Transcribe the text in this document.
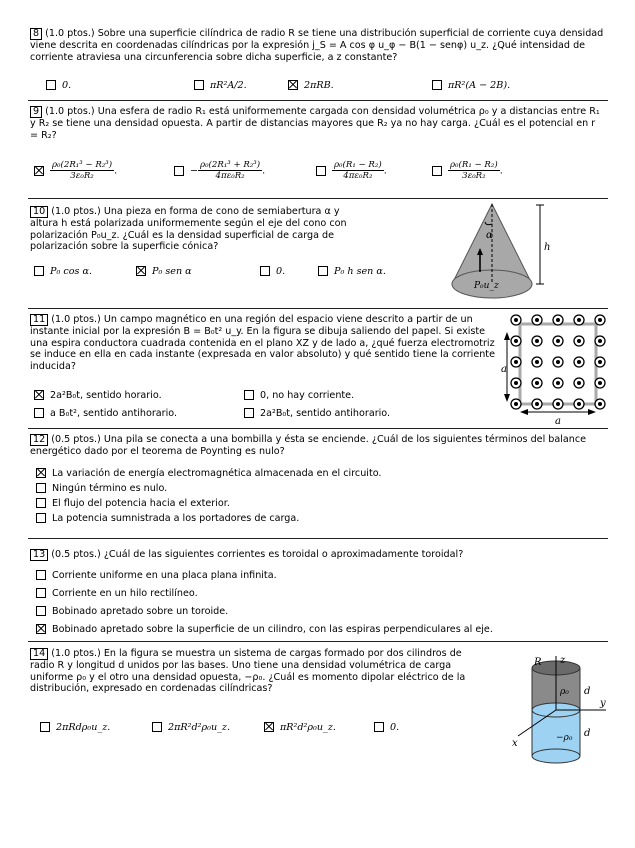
8 (1.0 ptos.) Sobre una superficie cilíndrica de radio R se tiene una distribución superficial de corriente cuya densidad viene descrita en coordenadas cilíndricas por la expresión j_S = A cos φ u_φ − B(1 − senφ) u_z. ¿Qué intensidad de corriente atraviesa una circunferencia sobre dicha superficie, a z constante?
0.	πR²A/2.	2πRB.	πR²(A − 2B).
9 (1.0 ptos.) Una esfera de radio R₁ está uniformemente cargada con densidad volumétrica ρ₀ y a distancias entre R₁ y R₂ se tiene una densidad opuesta. A partir de distancias mayores que R₂ ya no hay carga. ¿Cuál es el potencial en r = R₂?
$\frac{\text{ρ₀(2R₁³ − R₂³)}}{\text{3ε₀R₂}}$ .	− $\frac{\text{ρ₀(2R₁³ + R₂³)}}{\text{4πε₀R₂}}$ .	$\frac{\text{ρ₀(R₁ − R₂)}}{\text{4πε₀R₂}}$ .	$\frac{\text{ρ₀(R₁ − R₂)}}{\text{3ε₀R₂}}$ .
10 (1.0 ptos.) Una pieza en forma de cono de semiabertura α y altura h está polarizada uniformemente según el eje del cono con polarización P₀u_z. ¿Cuál es la densidad superficial de carga de polarización sobre la superficie cónica?
P₀ cos α.	P₀ sen α	0.	P₀ h sen α.
h
α
P₀u_z
11 (1.0 ptos.) Un campo magnético en una región del espacio viene descrito a partir de un instante inicial por la expresión B = B₀t² u_y. En la figura se dibuja saliendo del papel. Si existe una espira conductora cuadrada contenida en el plano XZ y de lado a, ¿qué fuerza electromotriz se induce en ella en cada instante (expresada en valor absoluto) y qué sentido tiene la corriente inducida?
2a²B₀t, sentido horario.	0, no hay corriente.
a B₀t², sentido antihorario.	2a²B₀t, sentido antihorario.
a
a
12 (0.5 ptos.) Una pila se conecta a una bombilla y ésta se enciende. ¿Cuál de los siguientes términos del balance energético dado por el teorema de Poynting es nulo?
La variación de energía electromagnética almacenada en el circuito.
Ningún término es nulo.
El flujo del potencia hacia el exterior.
La potencia sumnistrada a los portadores de carga.
13 (0.5 ptos.) ¿Cuál de las siguientes corrientes es toroidal o aproximadamente toroidal?
Corriente uniforme en una placa plana infinita.
Corriente en un hilo rectilíneo.
Bobinado apretado sobre un toroide.
Bobinado apretado sobre la superficie de un cilindro, con las espiras perpendiculares al eje.
14 (1.0 ptos.) En la figura se muestra un sistema de cargas formado por dos cilindros de radio R y longitud d unidos por las bases. Uno tiene una densidad volumétrica de carga uniforme ρ₀ y el otro una densidad opuesta, −ρ₀. ¿Cuál es momento dipolar eléctrico de la distribución, expresado en cordenadas cilíndricas?
2πRdρ₀u_z.	2πR²d²ρ₀u_z.	πR²d²ρ₀u_z.	0.
R z
ρ₀
−ρ₀
d
d
y
x
